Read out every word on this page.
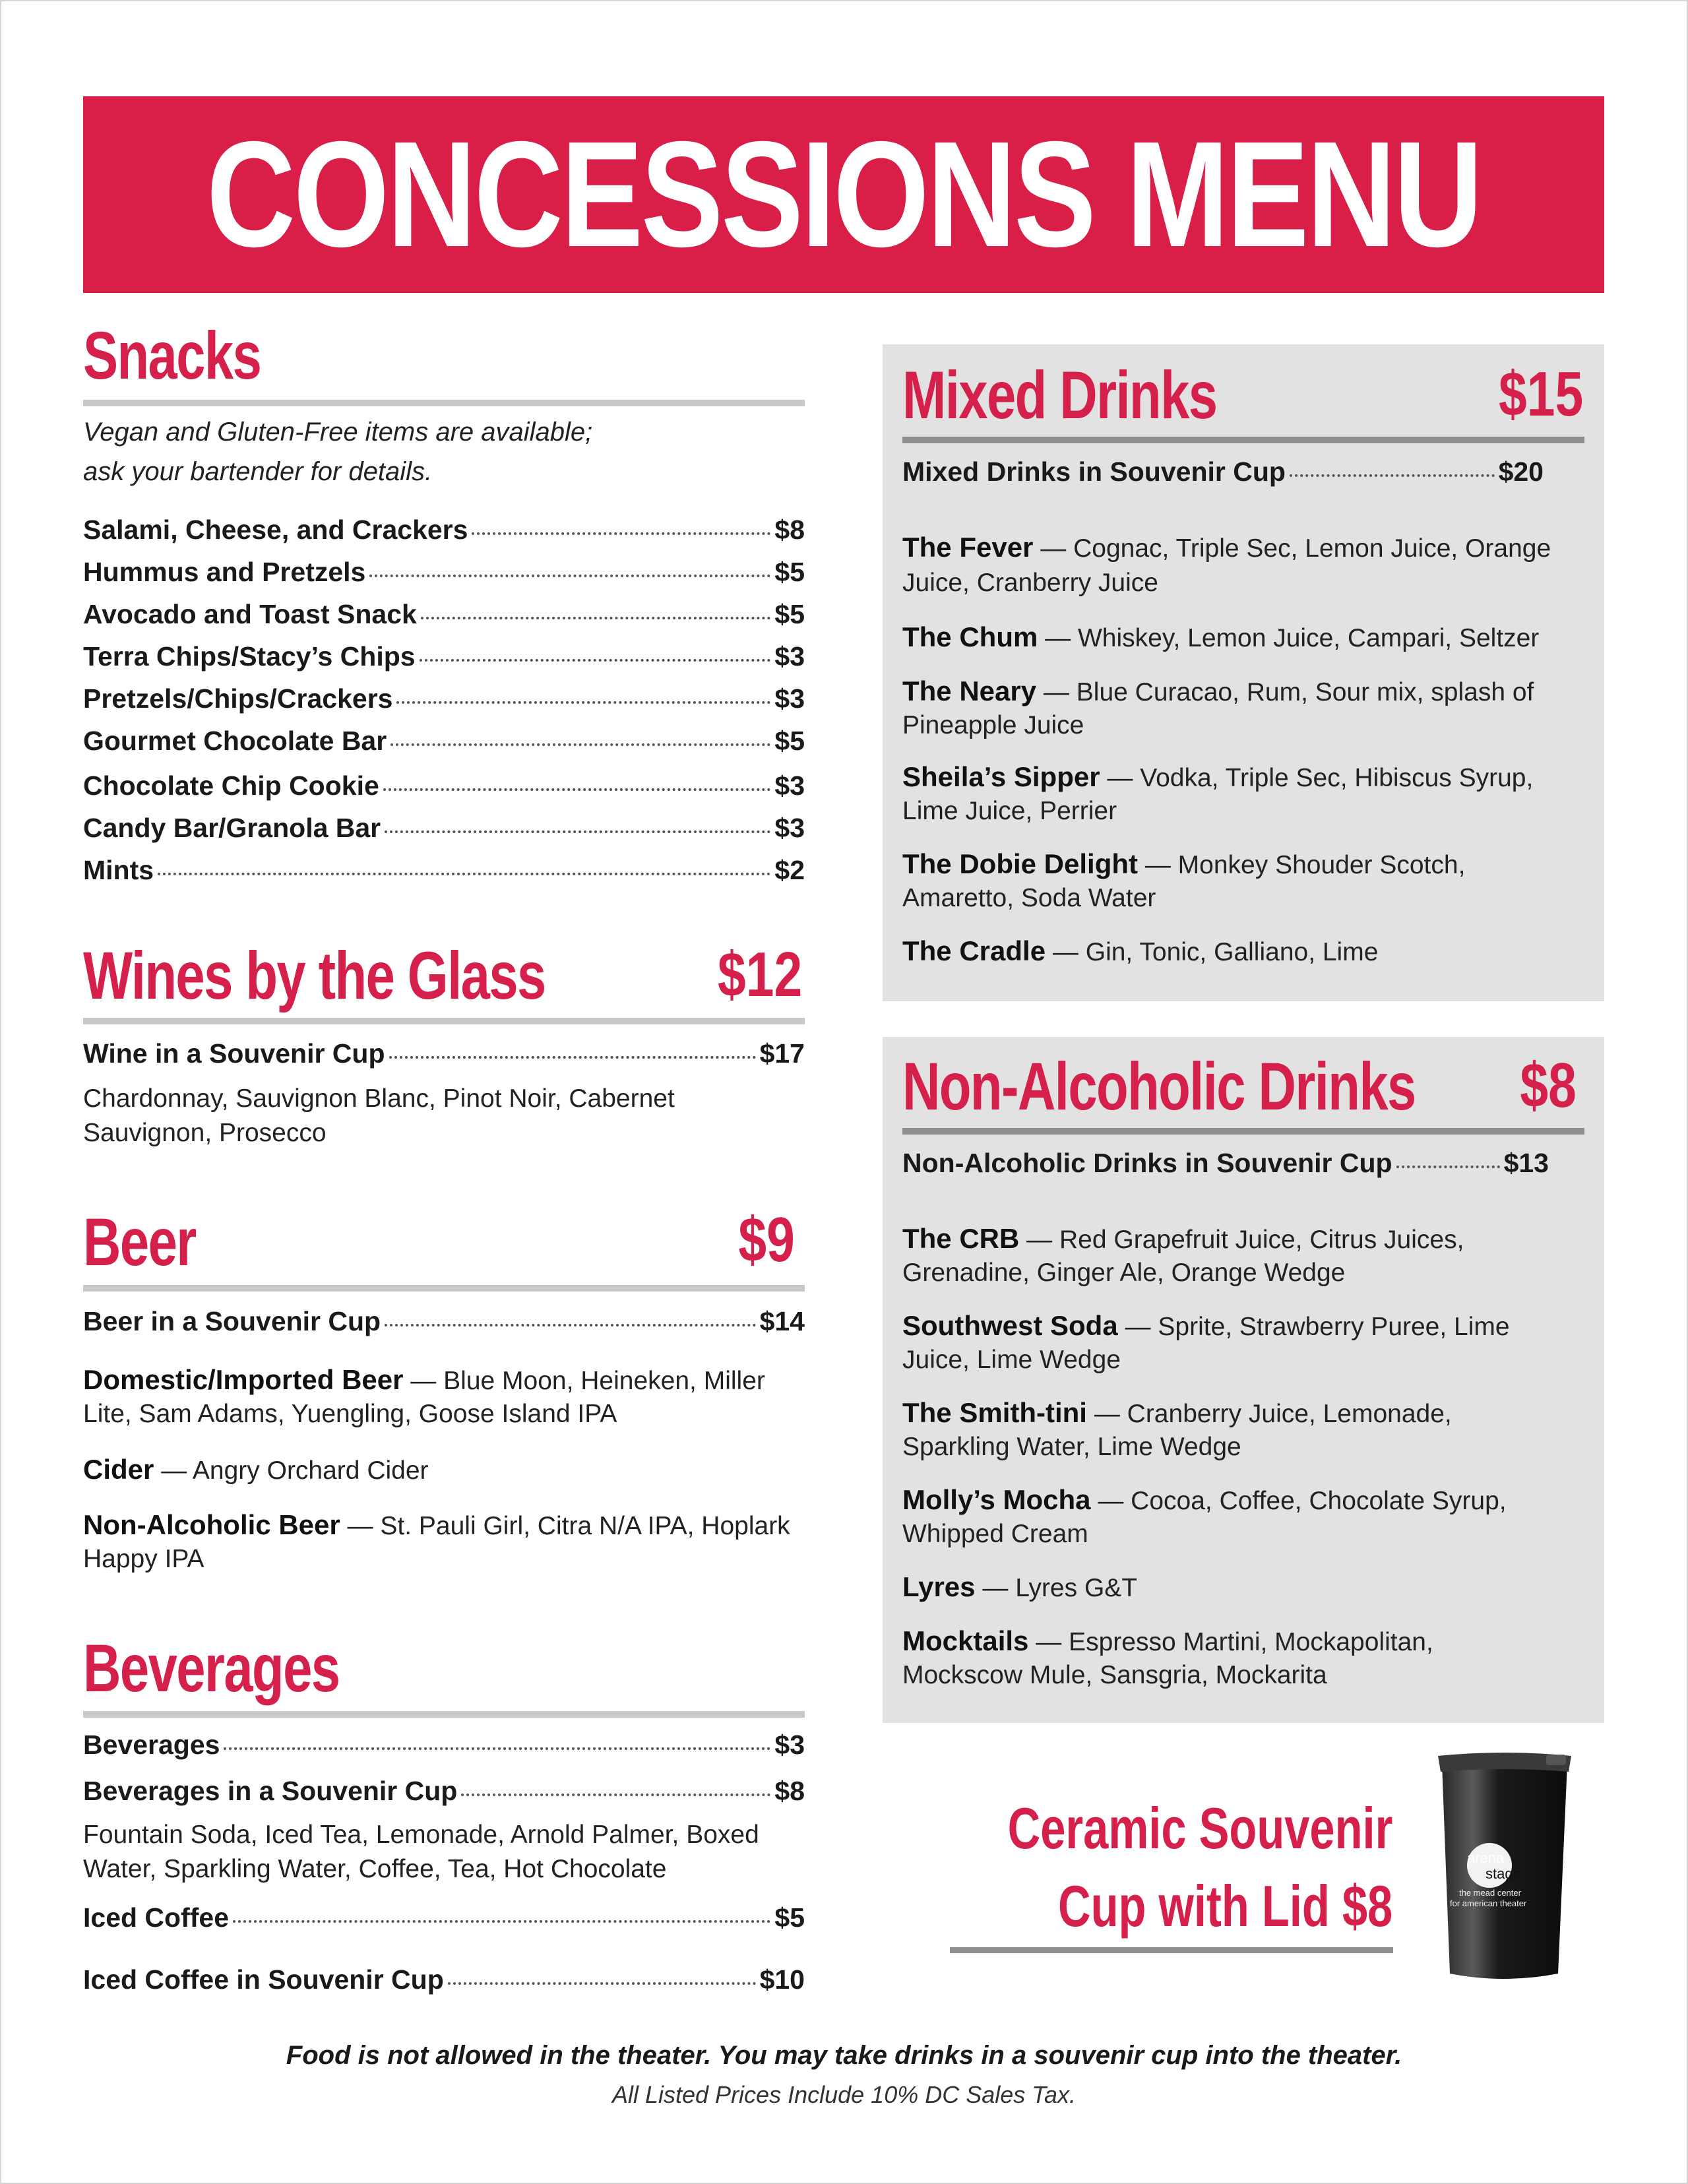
CONCESSIONS MENU
Snacks
Vegan and Gluten-Free items are available;
ask your bartender for details.
Salami, Cheese, and Crackers	$8
Hummus and Pretzels	$5
Avocado and Toast Snack	$5
Terra Chips/Stacy’s Chips	$3
Pretzels/Chips/Crackers	$3
Gourmet Chocolate Bar	$5
Chocolate Chip Cookie	$3
Candy Bar/Granola Bar	$3
Mints	$2
Wines by the Glass	$12
Wine in a Souvenir Cup	$17
Chardonnay, Sauvignon Blanc, Pinot Noir, Cabernet
Sauvignon, Prosecco
Beer	$9
Beer in a Souvenir Cup	$14
Domestic/Imported Beer — Blue Moon, Heineken, Miller
Lite, Sam Adams, Yuengling, Goose Island IPA
Cider — Angry Orchard Cider
Non-Alcoholic Beer — St. Pauli Girl, Citra N/A IPA, Hoplark
Happy IPA
Beverages
Beverages	$3
Beverages in a Souvenir Cup	$8
Fountain Soda, Iced Tea, Lemonade, Arnold Palmer, Boxed
Water, Sparkling Water, Coffee, Tea, Hot Chocolate
Iced Coffee	$5
Iced Coffee in Souvenir Cup	$10
Mixed Drinks	$15
Mixed Drinks in Souvenir Cup	$20
The Fever — Cognac, Triple Sec, Lemon Juice, Orange
Juice, Cranberry Juice
The Chum — Whiskey, Lemon Juice, Campari, Seltzer
The Neary — Blue Curacao, Rum, Sour mix, splash of
Pineapple Juice
Sheila’s Sipper — Vodka, Triple Sec, Hibiscus Syrup,
Lime Juice, Perrier
The Dobie Delight — Monkey Shouder Scotch,
Amaretto, Soda Water
The Cradle — Gin, Tonic, Galliano, Lime
Non-Alcoholic Drinks $8
Non-Alcoholic Drinks in Souvenir Cup	$13
The CRB — Red Grapefruit Juice, Citrus Juices,
Grenadine, Ginger Ale, Orange Wedge
Southwest Soda — Sprite, Strawberry Puree, Lime
Juice, Lime Wedge
The Smith-tini — Cranberry Juice, Lemonade,
Sparkling Water, Lime Wedge
Molly’s Mocha — Cocoa, Coffee, Chocolate Syrup,
Whipped Cream
Lyres — Lyres G&T
Mocktails — Espresso Martini, Mockapolitan,
Mockscow Mule, Sansgria, Mockarita
Ceramic Souvenir
Cup with Lid $8
arena
stage
the mead center
for american theater
Food is not allowed in the theater. You may take drinks in a souvenir cup into the theater.
All Listed Prices Include 10% DC Sales Tax.
